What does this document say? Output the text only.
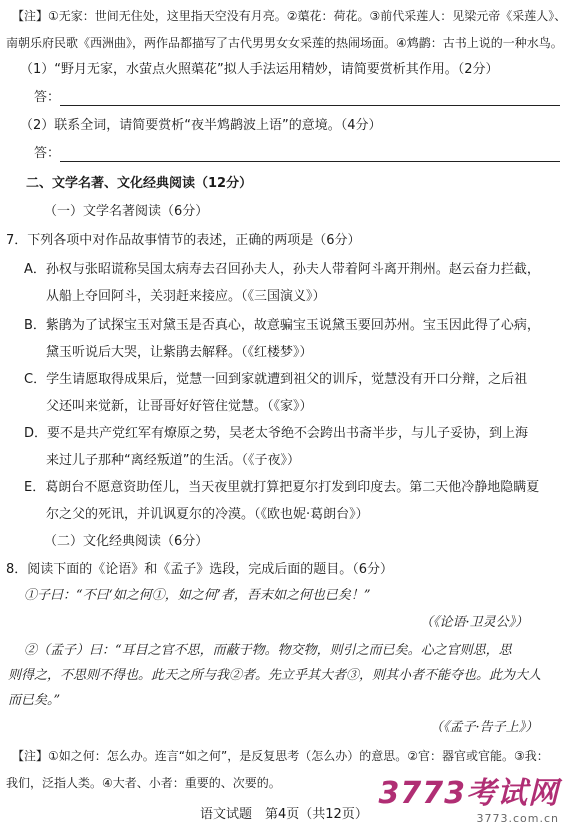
【注】①无家：世间无住处，这里指天空没有月亮。②蕖花：荷花。③前代采莲人：见梁元帝《采莲人》、
南朝乐府民歌《西洲曲》，两作品都描写了古代男男女女采莲的热闹场面。④鸩鹋：古书上说的一种水鸟。
（1）“野月无家，水萤点火照蕖花”拟人手法运用精妙，请简要赏析其作用。（2分）
答：
（2）联系全词，请简要赏析“夜半鸩鹋波上语”的意境。（4分）
答：
二、文学名著、文化经典阅读（12分）
（一）文学名著阅读（6分）
7．下列各项中对作品故事情节的表述，正确的两项是（6分）
A．孙权与张昭谎称吴国太病寿去召回孙夫人，孙夫人带着阿斗离开荆州。赵云奋力拦截，
从船上夺回阿斗，关羽赶来接应。（《三国演义》）
B．紫鹃为了试探宝玉对黛玉是否真心，故意骗宝玉说黛玉要回苏州。宝玉因此得了心病，
黛玉听说后大哭，让紫鹃去解释。（《红楼梦》）
C．学生请愿取得成果后，觉慧一回到家就遭到祖父的训斥，觉慧没有开口分辩，之后祖
父还叫来觉新，让哥哥好好管住觉慧。（《家》）
D．要不是共产党红军有燎原之势，吴老太爷绝不会跨出书斋半步，与儿子妥协，到上海
来过儿子那种“离经叛道”的生活。（《子夜》）
E．葛朗台不愿意资助侄儿，当天夜里就打算把夏尔打发到印度去。第二天他冷静地隐瞒夏
尔之父的死讯，并讥讽夏尔的冷漠。（《欧也妮·葛朗台》）
（二）文化经典阅读（6分）
8．阅读下面的《论语》和《孟子》选段，完成后面的题目。（6分）
①子曰：“不曰‘如之何①，如之何’者，吾末如之何也已矣！”
（《论语·卫灵公》）
②（孟子）曰：“耳目之官不思，而蔽于物。物交物，则引之而已矣。心之官则思，思
则得之，不思则不得也。此天之所与我②者。先立乎其大者③，则其小者不能夺也。此为大人
而已矣。”
（《孟子·告子上》）
【注】①如之何：怎么办。连言“如之何”，是反复思考（怎么办）的意思。②官：器官或官能。③我：
我们，泛指人类。④大者、小者：重要的、次要的。
语文试题　第4页（共12页）
3773考试网
3773.com.cn
